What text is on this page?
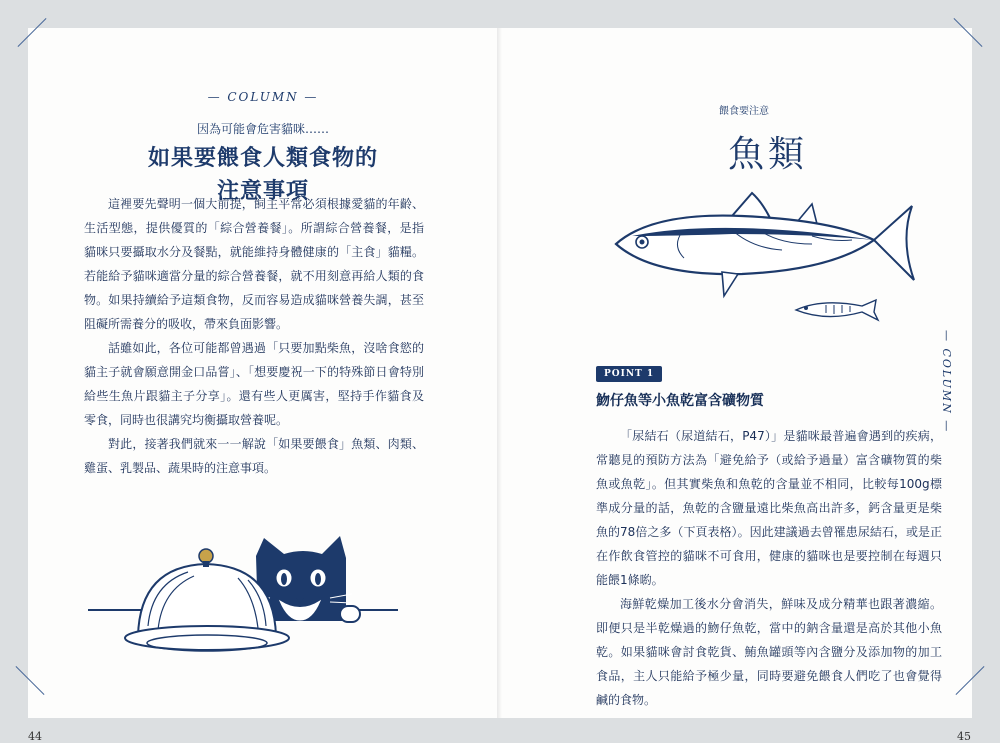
— COLUMN —
因為可能會危害貓咪……
如果要餵食人類食物的
注意事項

這裡要先聲明一個大前提，飼主平常必須根據愛貓的年齡、生活型態，提供優質的「綜合營養餐」。所謂綜合營養餐，是指貓咪只要攝取水分及餐點，就能維持身體健康的「主食」貓糧。若能給予貓咪適當分量的綜合營養餐，就不用刻意再給人類的食物。如果持續給予這類食物，反而容易造成貓咪營養失調，甚至阻礙所需養分的吸收，帶來負面影響。

話雖如此，各位可能都曾遇過「只要加點柴魚，沒啥食慾的貓主子就會願意開金口品嘗」、「想要慶祝一下的特殊節日會特別給些生魚片跟貓主子分享」。還有些人更厲害，堅持手作貓食及零食，同時也很講究均衡攝取營養呢。

對此，接著我們就來一一解說「如果要餵食」魚類、肉類、雞蛋、乳製品、蔬果時的注意事項。

44
餵食要注意
魚類
POINT 1
魩仔魚等小魚乾富含礦物質

「尿結石（尿道結石，P47）」是貓咪最普遍會遇到的疾病，常聽見的預防方法為「避免給予（或給予過量）富含礦物質的柴魚或魚乾」。但其實柴魚和魚乾的含量並不相同，比較每100g標準成分量的話，魚乾的含鹽量遠比柴魚高出許多，鈣含量更是柴魚的78倍之多（下頁表格）。因此建議過去曾罹患尿結石，或是正在作飲食管控的貓咪不可食用，健康的貓咪也是要控制在每週只能餵1條喲。

海鮮乾燥加工後水分會消失，鮮味及成分精華也跟著濃縮。即便只是半乾燥過的魩仔魚乾，當中的鈉含量還是高於其他小魚乾。如果貓咪會討食乾貨、鮪魚罐頭等內含鹽分及添加物的加工食品，主人只能給予極少量，同時要避免餵食人們吃了也會覺得鹹的食物。

45
— COLUMN —
